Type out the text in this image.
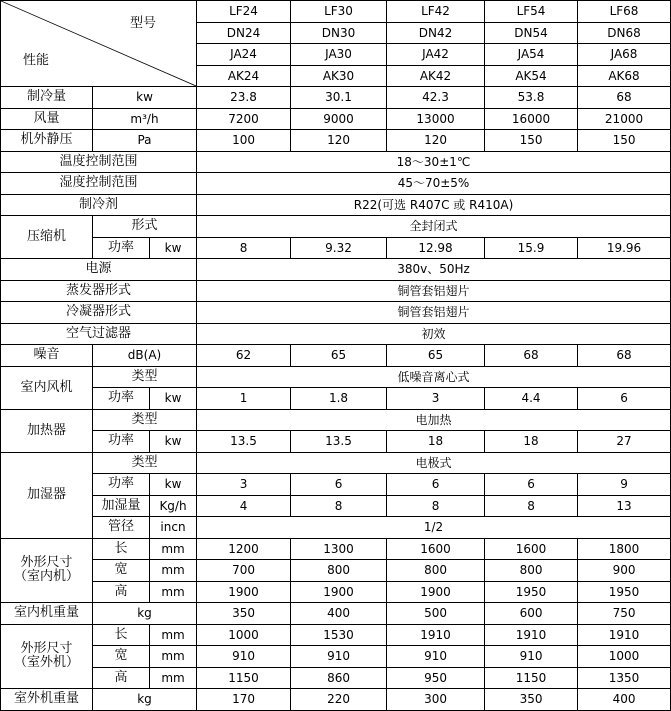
型号
性能			LF24	LF30	LF42	LF54	LF68
			DN24	DN30	DN42	DN54	DN68
			JA24	JA30	JA42	JA54	JA68
			AK24	AK30	AK42	AK54	AK68
制冷量	kw		23.8	30.1	42.3	53.8	68
风量	m³/h		7200	9000	13000	16000	21000
机外静压	Pa		100	120	120	150	150
温度控制范围			18～30±1℃				
湿度控制范围			45～70±5%				
制冷剂			R22(可选 R407C 或 R410A)				
压缩机	形式		全封闭式				
	功率	kw	8	9.32	12.98	15.9	19.96
电源			380v、50Hz				
蒸发器形式			铜管套铝翅片				
冷凝器形式			铜管套铝翅片				
空气过滤器			初效				
噪音	dB(A)		62	65	65	68	68
室内风机	类型		低噪音离心式				
	功率	kw	1	1.8	3	4.4	6
加热器	类型		电加热				
	功率	kw	13.5	13.5	18	18	27
加湿器	类型		电极式				
	功率	kw	3	6	6	6	9
	加湿量	Kg/h	4	8	8	8	13
	管径	incn	1/2				
外形尺寸
（室内机）	长	mm	1200	1300	1600	1600	1800
	宽	mm	700	800	800	800	900
	高	mm	1900	1900	1900	1950	1950
室内机重量	kg		350	400	500	600	750
外形尺寸
（室外机）	长	mm	1000	1530	1910	1910	1910
	宽	mm	910	910	910	910	1000
	高	mm	1150	860	950	1150	1350
室外机重量	kg		170	220	300	350	400
